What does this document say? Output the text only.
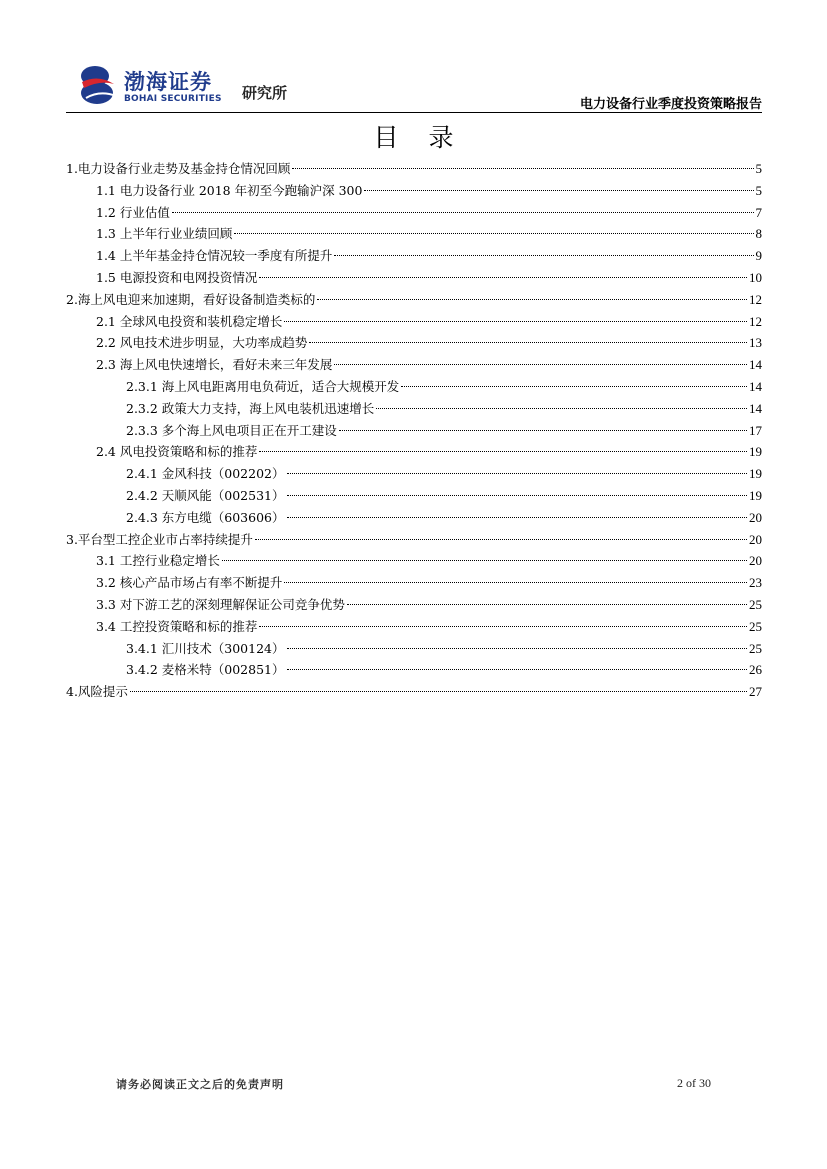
渤海证券
BOHAI SECURITIES 研究所
电力设备行业季度投资策略报告
目录
1.电力设备行业走势及基金持仓情况回顾	5
1.1 电力设备行业 2018 年初至今跑输沪深 300	5
1.2 行业估值	7
1.3 上半年行业业绩回顾	8
1.4 上半年基金持仓情况较一季度有所提升	9
1.5 电源投资和电网投资情况	10
2.海上风电迎来加速期，看好设备制造类标的	12
2.1 全球风电投资和装机稳定增长	12
2.2 风电技术进步明显，大功率成趋势	13
2.3 海上风电快速增长，看好未来三年发展	14
2.3.1 海上风电距离用电负荷近，适合大规模开发	14
2.3.2 政策大力支持，海上风电装机迅速增长	14
2.3.3 多个海上风电项目正在开工建设	17
2.4 风电投资策略和标的推荐	19
2.4.1 金风科技（002202）	19
2.4.2 天顺风能（002531）	19
2.4.3 东方电缆（603606）	20
3.平台型工控企业市占率持续提升	20
3.1 工控行业稳定增长	20
3.2 核心产品市场占有率不断提升	23
3.3 对下游工艺的深刻理解保证公司竞争优势	25
3.4 工控投资策略和标的推荐	25
3.4.1 汇川技术（300124）	25
3.4.2 麦格米特（002851）	26
4.风险提示	27
请务必阅读正文之后的免责声明	2 of 30
